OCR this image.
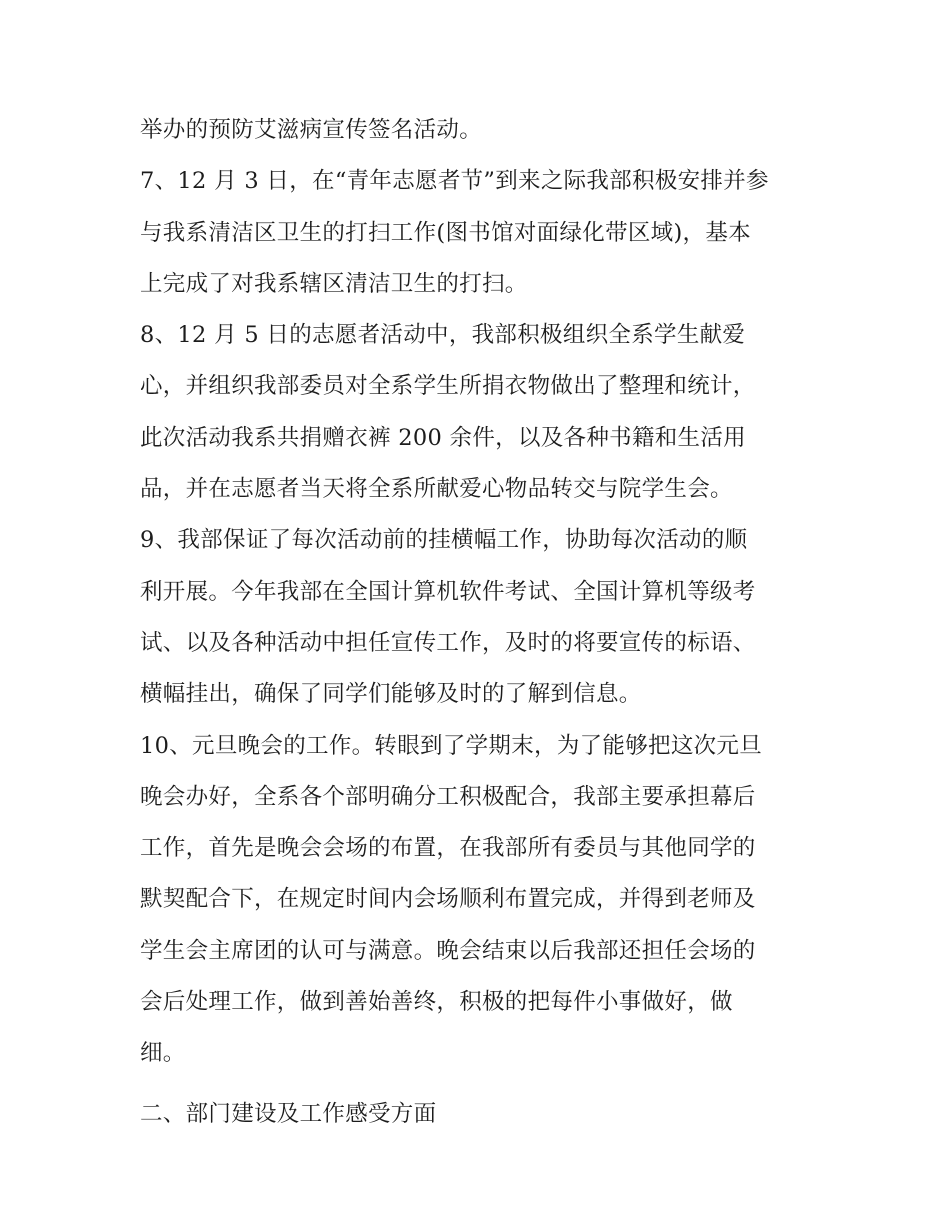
举办的预防艾滋病宣传签名活动。
7、12 月 3 日，在“青年志愿者节”到来之际我部积极安排并参
与我系清洁区卫生的打扫工作(图书馆对面绿化带区域)，基本
上完成了对我系辖区清洁卫生的打扫。
8、12 月 5 日的志愿者活动中，我部积极组织全系学生献爱
心，并组织我部委员对全系学生所捐衣物做出了整理和统计，
此次活动我系共捐赠衣裤 200 余件，以及各种书籍和生活用
品，并在志愿者当天将全系所献爱心物品转交与院学生会。
9、我部保证了每次活动前的挂横幅工作，协助每次活动的顺
利开展。今年我部在全国计算机软件考试、全国计算机等级考
试、以及各种活动中担任宣传工作，及时的将要宣传的标语、
横幅挂出，确保了同学们能够及时的了解到信息。
10、元旦晚会的工作。转眼到了学期末，为了能够把这次元旦
晚会办好，全系各个部明确分工积极配合，我部主要承担幕后
工作，首先是晚会会场的布置，在我部所有委员与其他同学的
默契配合下，在规定时间内会场顺利布置完成，并得到老师及
学生会主席团的认可与满意。晚会结束以后我部还担任会场的
会后处理工作，做到善始善终，积极的把每件小事做好，做
细。
二、部门建设及工作感受方面
